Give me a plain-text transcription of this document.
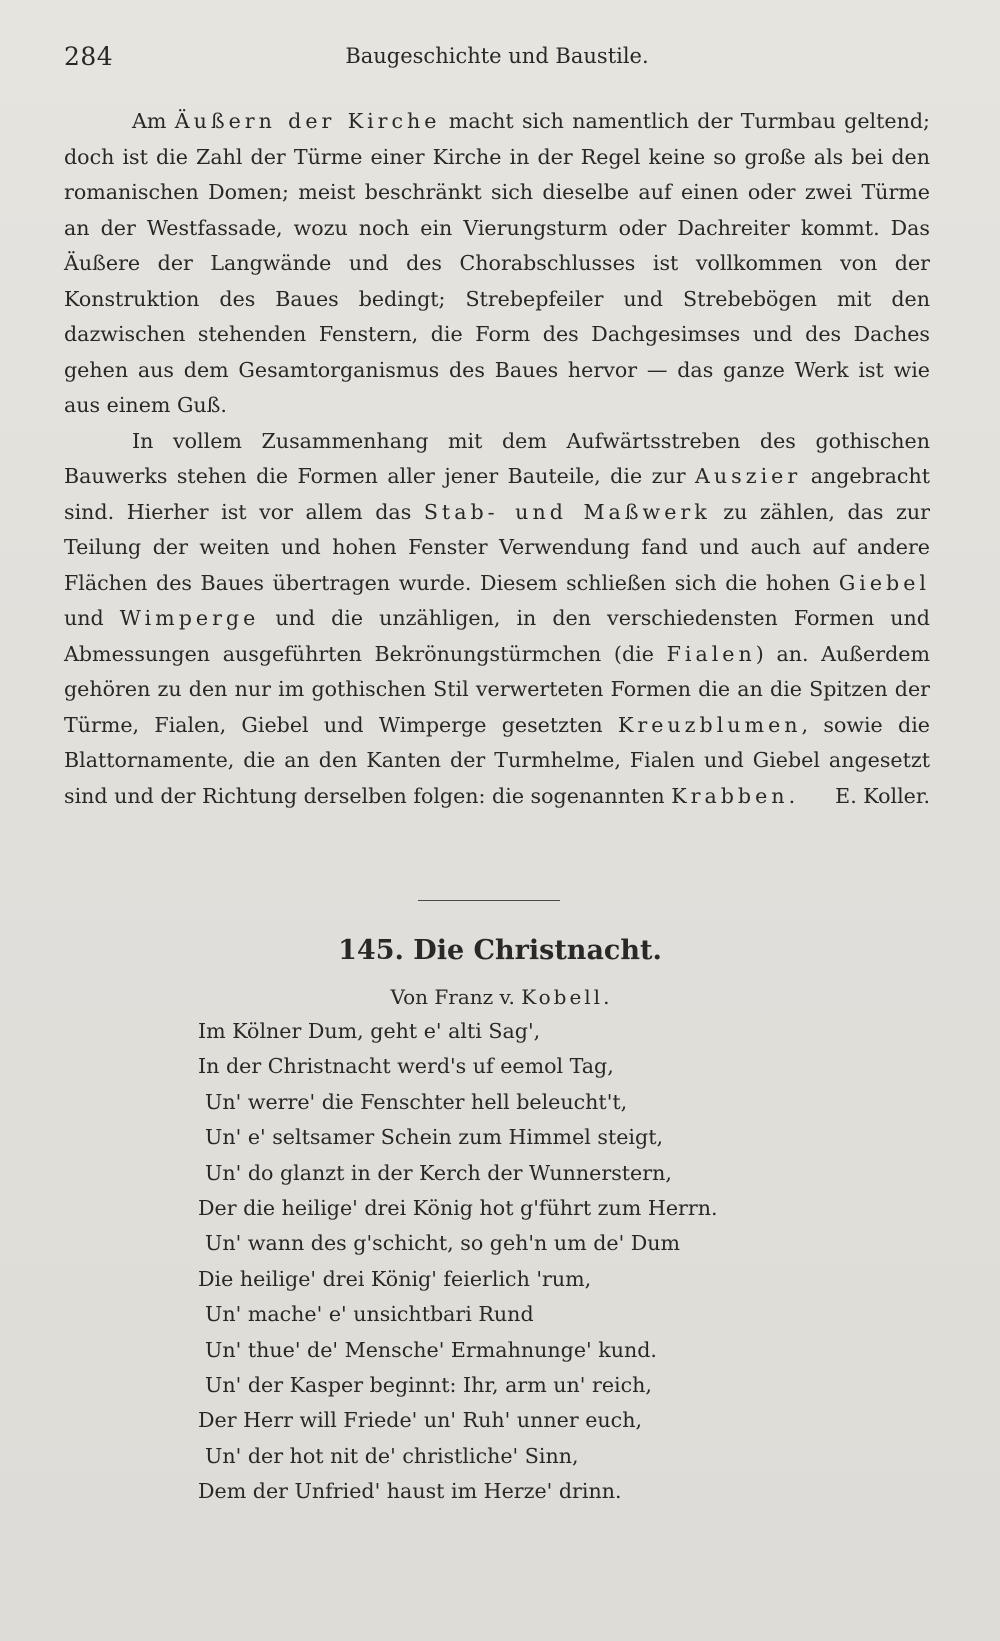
284	Baugeschichte und Baustile.

Am Äußern der Kirche macht sich namentlich der Turmbau geltend; doch ist die Zahl der Türme einer Kirche in der Regel keine so große als bei den romanischen Domen; meist beschränkt sich dieselbe auf einen oder zwei Türme an der Westfassade, wozu noch ein Vierungsturm oder Dachreiter kommt. Das Äußere der Langwände und des Chorabschlusses ist vollkommen von der Konstruktion des Baues bedingt; Strebepfeiler und Strebebögen mit den dazwischen stehenden Fenstern, die Form des Dachgesimses und des Daches gehen aus dem Gesamtorganismus des Baues hervor — das ganze Werk ist wie aus einem Guß.

In vollem Zusammenhang mit dem Aufwärtsstreben des gothischen Bauwerks stehen die Formen aller jener Bauteile, die zur Auszier angebracht sind. Hierher ist vor allem das Stab- und Maßwerk zu zählen, das zur Teilung der weiten und hohen Fenster Verwendung fand und auch auf andere Flächen des Baues übertragen wurde. Diesem schließen sich die hohen Giebel und Wimperge und die unzähligen, in den verschiedensten Formen und Abmessungen ausgeführten Bekrönungstürmchen (die Fialen) an. Außerdem gehören zu den nur im gothischen Stil verwerteten Formen die an die Spitzen der Türme, Fialen, Giebel und Wimperge gesetzten Kreuzblumen, sowie die Blattornamente, die an den Kanten der Turmhelme, Fialen und Giebel angesetzt sind und der Richtung derselben folgen: die sogenannten Krabben. E. Koller.

145. Die Christnacht.
Von Franz v. Kobell.
Im Kölner Dum, geht e' alti Sag',
In der Christnacht werd's uf eemol Tag,
Un' werre' die Fenschter hell beleucht't,
Un' e' seltsamer Schein zum Himmel steigt,
Un' do glanzt in der Kerch der Wunnerstern,
Der die heilige' drei König hot g'führt zum Herrn.
Un' wann des g'schicht, so geh'n um de' Dum
Die heilige' drei König' feierlich 'rum,
Un' mache' e' unsichtbari Rund
Un' thue' de' Mensche' Ermahnunge' kund.
Un' der Kasper beginnt: Ihr, arm un' reich,
Der Herr will Friede' un' Ruh' unner euch,
Un' der hot nit de' christliche' Sinn,
Dem der Unfried' haust im Herze' drinn.
